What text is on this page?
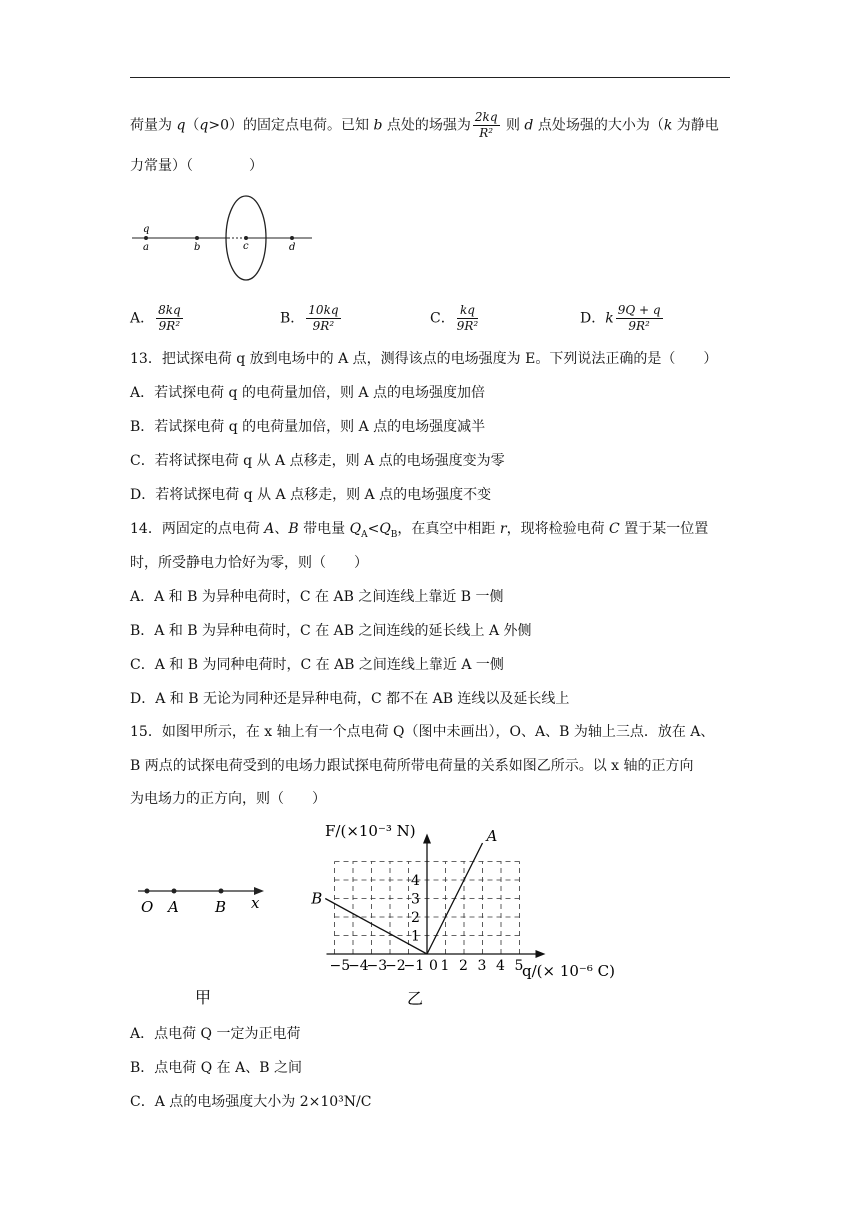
荷量为 q（q>0）的固定点电荷。已知 b 点处的场强为 $\frac{2kq}{\text{R²}}$ 则 d 点处场强的大小为（k 为静电
力常量）（　　　　）
q
a	b	c	d
A． $\frac{8kq}{\text{9R²}}$	B． $\frac{10kq}{\text{9R²}}$	C． $\frac{kq}{\text{9R²}}$	D．k $\frac{9Q + q}{\text{9R²}}$
13．把试探电荷 q 放到电场中的 A 点，测得该点的电场强度为 E。下列说法正确的是（　　）
A．若试探电荷 q 的电荷量加倍，则 A 点的电场强度加倍
B．若试探电荷 q 的电荷量加倍，则 A 点的电场强度减半
C．若将试探电荷 q 从 A 点移走，则 A 点的电场强度变为零
D．若将试探电荷 q 从 A 点移走，则 A 点的电场强度不变
14．两固定的点电荷 A、B 带电量 $Q_A<Q_B$，在真空中相距 r，现将检验电荷 C 置于某一位置
时，所受静电力恰好为零，则（　　）
A．A 和 B 为异种电荷时，C 在 AB 之间连线上靠近 B 一侧
B．A 和 B 为异种电荷时，C 在 AB 之间连线的延长线上 A 外侧
C．A 和 B 为同种电荷时，C 在 AB 之间连线上靠近 A 一侧
D．A 和 B 无论为同种还是异种电荷，C 都不在 AB 连线以及延长线上
15．如图甲所示，在 x 轴上有一个点电荷 Q（图中未画出），O、A、B 为轴上三点．放在 A、
B 两点的试探电荷受到的电场力跟试探电荷所带电荷量的关系如图乙所示。以 x 轴的正方向
为电场力的正方向，则（　　）
O A B x
甲
−5
−4
−3
−2
−1 0 1 2 3 4 5
1
2
3
4
A
B
F/(×10⁻³ N)
q/(× 10⁻⁶ C)
乙
A．点电荷 Q 一定为正电荷
B．点电荷 Q 在 A、B 之间
C．A 点的电场强度大小为 2×10³N/C
